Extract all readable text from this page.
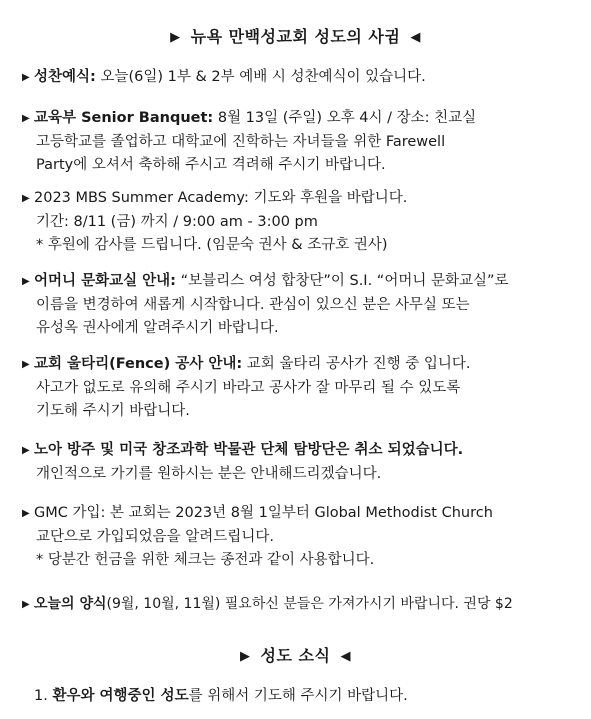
▶ 뉴욕 만백성교회 성도의 사귐 ◀
▶ 성찬예식: 오늘(6일) 1부 & 2부 예배 시 성찬예식이 있습니다.
▶ 교육부 Senior Banquet: 8월 13일 (주일) 오후 4시 / 장소: 친교실
고등학교를 졸업하고 대학교에 진학하는 자녀들을 위한 Farewell
Party에 오셔서 축하해 주시고 격려해 주시기 바랍니다.
▶ 2023 MBS Summer Academy: 기도와 후원을 바랍니다.
기간: 8/11 (금) 까지 / 9:00 am - 3:00 pm
* 후원에 감사를 드립니다. (임문숙 권사 & 조규호 권사)
▶ 어머니 문화교실 안내: “보블리스 여성 합창단”이 S.I. “어머니 문화교실”로
이름을 변경하여 새롭게 시작합니다. 관심이 있으신 분은 사무실 또는
유성옥 권사에게 알려주시기 바랍니다.
▶ 교회 울타리(Fence) 공사 안내: 교회 울타리 공사가 진행 중 입니다.
사고가 없도로 유의해 주시기 바라고 공사가 잘 마무리 될 수 있도록
기도해 주시기 바랍니다.
▶ 노아 방주 및 미국 창조과학 박물관 단체 탐방단은 취소 되었습니다.
개인적으로 가기를 원하시는 분은 안내해드리겠습니다.
▶ GMC 가입: 본 교회는 2023년 8월 1일부터 Global Methodist Church
교단으로 가입되었음을 알려드립니다.
* 당분간 헌금을 위한 체크는 종전과 같이 사용합니다.
▶ 오늘의 양식(9월, 10월, 11월) 필요하신 분들은 가져가시기 바랍니다. 권당 $2
▶ 성도 소식 ◀
1. 환우와 여행중인 성도를 위해서 기도해 주시기 바랍니다.
